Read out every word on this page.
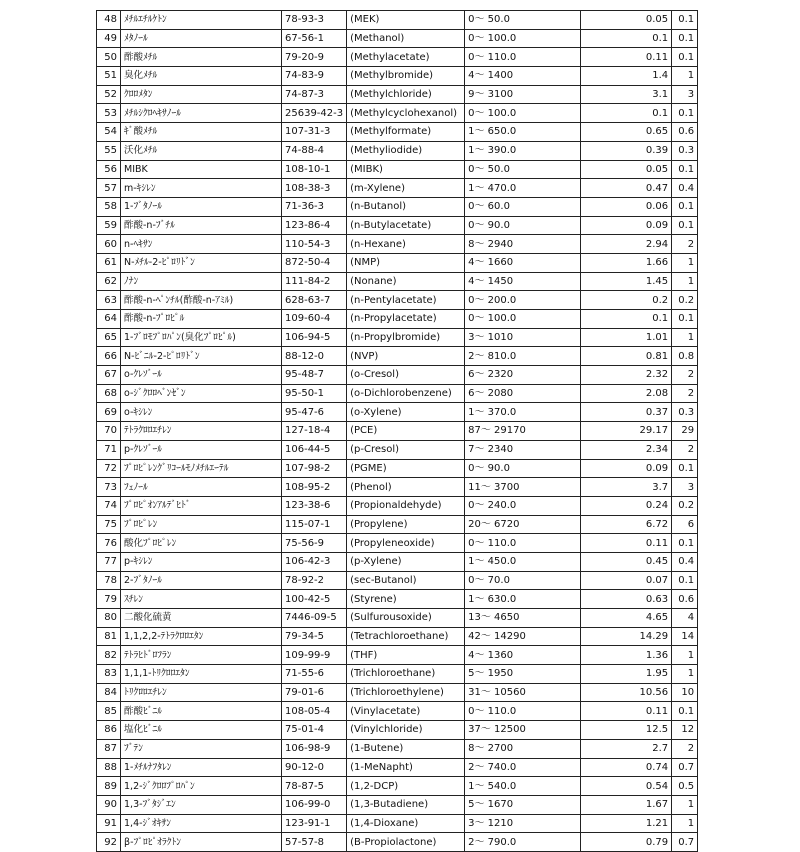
48	ﾒﾁﾙｴﾁﾙｹﾄﾝ	78-93-3	(MEK)	0～ 50.0	0.05	0.1
49	ﾒﾀﾉｰﾙ	67-56-1	(Methanol)	0～ 100.0	0.1	0.1
50	酢酸ﾒﾁﾙ	79-20-9	(Methylacetate)	0～ 110.0	0.11	0.1
51	臭化ﾒﾁﾙ	74-83-9	(Methylbromide)	4～ 1400	1.4	1
52	ｸﾛﾛﾒﾀﾝ	74-87-3	(Methylchloride)	9～ 3100	3.1	3
53	ﾒﾁﾙｼｸﾛﾍｷｻﾉｰﾙ	25639-42-3	(Methylcyclohexanol)	0～ 100.0	0.1	0.1
54	ｷﾞ酸ﾒﾁﾙ	107-31-3	(Methylformate)	1～ 650.0	0.65	0.6
55	沃化ﾒﾁﾙ	74-88-4	(Methyliodide)	1～ 390.0	0.39	0.3
56	MIBK	108-10-1	(MIBK)	0～ 50.0	0.05	0.1
57	m-ｷｼﾚﾝ	108-38-3	(m-Xylene)	1～ 470.0	0.47	0.4
58	1-ﾌﾞﾀﾉｰﾙ	71-36-3	(n-Butanol)	0～ 60.0	0.06	0.1
59	酢酸-n-ﾌﾞﾁﾙ	123-86-4	(n-Butylacetate)	0～ 90.0	0.09	0.1
60	n-ﾍｷｻﾝ	110-54-3	(n-Hexane)	8～ 2940	2.94	2
61	N-ﾒﾁﾙ-2-ﾋﾟﾛﾘﾄﾞﾝ	872-50-4	(NMP)	4～ 1660	1.66	1
62	ﾉﾅﾝ	111-84-2	(Nonane)	4～ 1450	1.45	1
63	酢酸-n-ﾍﾟﾝﾁﾙ(酢酸-n-ｱﾐﾙ)	628-63-7	(n-Pentylacetate)	0～ 200.0	0.2	0.2
64	酢酸-n-ﾌﾟﾛﾋﾟﾙ	109-60-4	(n-Propylacetate)	0～ 100.0	0.1	0.1
65	1-ﾌﾞﾛﾓﾌﾟﾛﾊﾟﾝ(臭化ﾌﾟﾛﾋﾟﾙ)	106-94-5	(n-Propylbromide)	3～ 1010	1.01	1
66	N-ﾋﾞﾆﾙ-2-ﾋﾟﾛﾘﾄﾞﾝ	88-12-0	(NVP)	2～ 810.0	0.81	0.8
67	o-ｸﾚｿﾞｰﾙ	95-48-7	(o-Cresol)	6～ 2320	2.32	2
68	o-ｼﾞｸﾛﾛﾍﾞﾝｾﾞﾝ	95-50-1	(o-Dichlorobenzene)	6～ 2080	2.08	2
69	o-ｷｼﾚﾝ	95-47-6	(o-Xylene)	1～ 370.0	0.37	0.3
70	ﾃﾄﾗｸﾛﾛｴﾁﾚﾝ	127-18-4	(PCE)	87～ 29170	29.17	29
71	p-ｸﾚｿﾞｰﾙ	106-44-5	(p-Cresol)	7～ 2340	2.34	2
72	ﾌﾟﾛﾋﾟﾚﾝｸﾞﾘｺｰﾙﾓﾉﾒﾁﾙｴｰﾃﾙ	107-98-2	(PGME)	0～ 90.0	0.09	0.1
73	ﾌｪﾉｰﾙ	108-95-2	(Phenol)	11～ 3700	3.7	3
74	ﾌﾟﾛﾋﾟｵﾝｱﾙﾃﾞﾋﾄﾞ	123-38-6	(Propionaldehyde)	0～ 240.0	0.24	0.2
75	ﾌﾟﾛﾋﾟﾚﾝ	115-07-1	(Propylene)	20～ 6720	6.72	6
76	酸化ﾌﾟﾛﾋﾟﾚﾝ	75-56-9	(Propyleneoxide)	0～ 110.0	0.11	0.1
77	p-ｷｼﾚﾝ	106-42-3	(p-Xylene)	1～ 450.0	0.45	0.4
78	2-ﾌﾞﾀﾉｰﾙ	78-92-2	(sec-Butanol)	0～ 70.0	0.07	0.1
79	ｽﾁﾚﾝ	100-42-5	(Styrene)	1～ 630.0	0.63	0.6
80	二酸化硫黄	7446-09-5	(Sulfurousoxide)	13～ 4650	4.65	4
81	1,1,2,2-ﾃﾄﾗｸﾛﾛｴﾀﾝ	79-34-5	(Tetrachloroethane)	42～ 14290	14.29	14
82	ﾃﾄﾗﾋﾄﾞﾛﾌﾗﾝ	109-99-9	(THF)	4～ 1360	1.36	1
83	1,1,1-ﾄﾘｸﾛﾛｴﾀﾝ	71-55-6	(Trichloroethane)	5～ 1950	1.95	1
84	ﾄﾘｸﾛﾛｴﾁﾚﾝ	79-01-6	(Trichloroethylene)	31～ 10560	10.56	10
85	酢酸ﾋﾞﾆﾙ	108-05-4	(Vinylacetate)	0～ 110.0	0.11	0.1
86	塩化ﾋﾞﾆﾙ	75-01-4	(Vinylchloride)	37～ 12500	12.5	12
87	ﾌﾞﾃﾝ	106-98-9	(1-Butene)	8～ 2700	2.7	2
88	1-ﾒﾁﾙﾅﾌﾀﾚﾝ	90-12-0	(1-MeNapht)	2～ 740.0	0.74	0.7
89	1,2-ｼﾞｸﾛﾛﾌﾟﾛﾊﾟﾝ	78-87-5	(1,2-DCP)	1～ 540.0	0.54	0.5
90	1,3-ﾌﾞﾀｼﾞｴﾝ	106-99-0	(1,3-Butadiene)	5～ 1670	1.67	1
91	1,4-ｼﾞｵｷｻﾝ	123-91-1	(1,4-Dioxane)	3～ 1210	1.21	1
92	β-ﾌﾟﾛﾋﾟｵﾗｸﾄﾝ	57-57-8	(B-Propiolactone)	2～ 790.0	0.79	0.7
